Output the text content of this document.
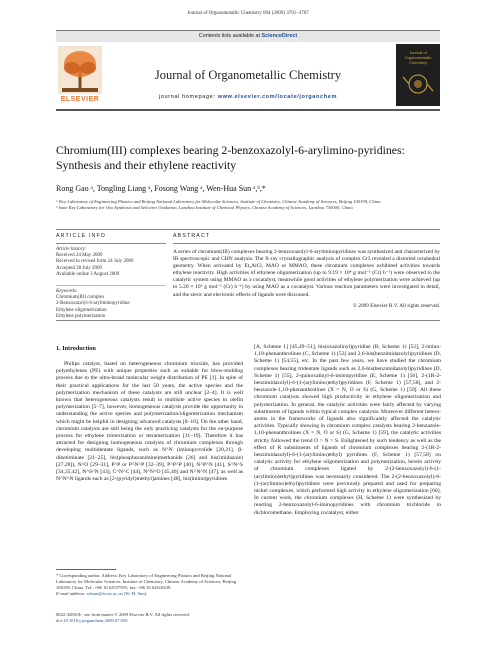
Journal of Organometallic Chemistry 694 (2009) 3701–3707
Contents lists available at ScienceDirect
ELSEVIER
Journal of Organometallic Chemistry
journal homepage: www.elsevier.com/locate/jorganchem
Journal of Organometallic Chemistry
Chromium(III) complexes bearing 2-benzoxazolyl-6-arylimino-pyridines:
Synthesis and their ethylene reactivity
Rong Gao ᵃ, Tongling Liang ᵃ, Fosong Wang ᵃ, Wen-Hua Sun ᵃ,ᵇ,*
ᵃ Key Laboratory of Engineering Plastics and Beijing National Laboratory for Molecular Sciences, Institute of Chemistry, Chinese Academy of Sciences, Beijing 100190, China
ᵇ State Key Laboratory for Oxo Synthesis and Selective Oxidation, Lanzhou Institute of Chemical Physics, Chinese Academy of Sciences, Lanzhou 730000, China
ARTICLE INFO	ABSTRACT
Article history:
Received 24 May 2009
Received in revised form 24 July 2009
Accepted 28 July 2009
Available online 3 August 2009
Keywords:
Chromium(III) complex
2-Benzoxazolyl-6-aryliminopyridine
Ethylene oligomerization
Ethylene polymerization
A series of chromium(III) complexes bearing 2-benzoxazolyl-6-aryliminopyridines was synthesized and characterized by IR spectroscopic and CHN analysis. The X-ray crystallographic analysis of complex Cr3 revealed a distorted octahedral geometry. When activated by Et₂AlCl, MAO or MMAO, these chromium complexes exhibited activities towards ethylene reactivity. High activities of ethylene oligomerization (up to 9.19 × 10⁴ g mol⁻¹ (Cr) h⁻¹) were observed in the catalytic system using MMAO as a cocatalyst, meanwhile good activities of ethylene polymerization were achieved (up to 5.20 × 10⁵ g mol⁻¹ (Cr) h⁻¹) by using MAO as a cocatalyst. Various reaction parameters were investigated in detail, and the steric and electronic effects of ligands were discussed.
© 2009 Elsevier B.V. All rights reserved.
1. Introduction
Philips catalyst, based on heterogeneous chromium trioxide, has provided polyethylenes (PE) with unique properties such as suitable for blow-molding process due to the ultra-broad molecular weight distribution of PE [1]. In spite of their practical applications for the last 50 years, the active species and the polymerization mechanism of these catalysts are still unclear [2–4]. It is well known that heterogeneous catalysts result in multisite active species in olefin polymerization [5–7], however, homogeneous catalysts provide the opportunity in understanding the active species and polymerization/oligomerization mechanism which might be helpful in designing advanced catalysts [8–10]. On the other hand, chromium catalysts are still being the only practicing catalysts for the on-purpose process for ethylene trimerization or tetramerization [11–19]. Therefore it has attracted for designing homogeneous catalysts of chromium complexes through developing multidentate ligands, such as N^N (iminopyrrolide [20,21], β-diketiminate [21–25], bis(phosphoranimine)methanide [26] and bis(imidazole) [27,28]), N^O [29–31], P^P or P^N^P [32–39], P^P^P [40], N^P^N [41], S^N^S [34,35,42], N^S^N [43], C^N^C [44], N^N^O [45,46] and N^N^N [47], as well as N^N^N ligands such as [2-(pyridyl)methyl]amines [48], bis(imino)pyridines
[A, Scheme 1] [45,49–51], bis(oxazolinyl)pyridine (B, Scheme 1) [52], 2-imino-1,10-phenanthrolines (C, Scheme 1) [53] and 2,6-bis(benzimidazolyl)pyridines (D, Scheme 1) [54,55], etc. In the past few years, we have studied the chromium complexes bearing tridentate ligands such as 2,6-bis(benzimidazolyl)pyridines (D, Scheme 1) [55], 2-quinoxalinyl-6-iminopyridine (E, Scheme 1) [56], 2-(1R-2-benzimidazolyl)-6-(1-(arylimino)ethyl)pyridines (F, Scheme 1) [57,58], and 2-benzazole-1,10-phenanthrolines (X = N, O or S) (G, Scheme 1) [59]. All these chromium catalysts showed high productivity in ethylene oligomerization and polymerization. In general, the catalytic activities were fairly affected by varying substituents of ligands within typical complex catalysts. Moreover different hetero-atoms in the frameworks of ligands also significantly affected the catalytic activities. Typically showing in chromium complex catalysts bearing 2-benzazole-1,10-phenanthrolines (X = N, O or S) (G, Scheme 1) [59], the catalytic activities strictly followed the trend O > N > S. Enlightened by such tendency as well as the effect of R substituents of ligands of chromium complexes bearing 2-(1R-2-benzimidazolyl)-6-(1-(arylimino)ethyl) pyridines (F, Scheme 1) [57,58] on catalytic activity for ethylene oligomerization and polymerization, herein activity of chromium complexes ligated by 2-(2-benzoxazolyl)-6-(1-(arylimino)ethyl)pyridines was necessarily considered. The 2-(2-benzoxazolyl)-6-(1-(arylimino)ethyl)pyridines were previously prepared and used for preparing nickel complexes, which performed high activity in ethylene oligomerization [60]. In current work, the chromium complexes (H, Scheme 1) were synthesized by reacting 2-benzoxazolyl-6-iminopyridines with chromium trichloride in dichloromethane. Employing cocatalyst, either
* Corresponding author. Address: Key Laboratory of Engineering Plastics and Beijing National Laboratory for Molecular Sciences, Institute of Chemistry, Chinese Academy of Sciences, Beijing 100190, China. Tel.: +86 10 62557955; fax: +86 10 62618239.
E-mail address: whsun@iccas.ac.cn (W.-H. Sun).
0022-328X/$ - see front matter © 2009 Elsevier B.V. All rights reserved.
doi:10.1016/j.jorganchem.2009.07.039
